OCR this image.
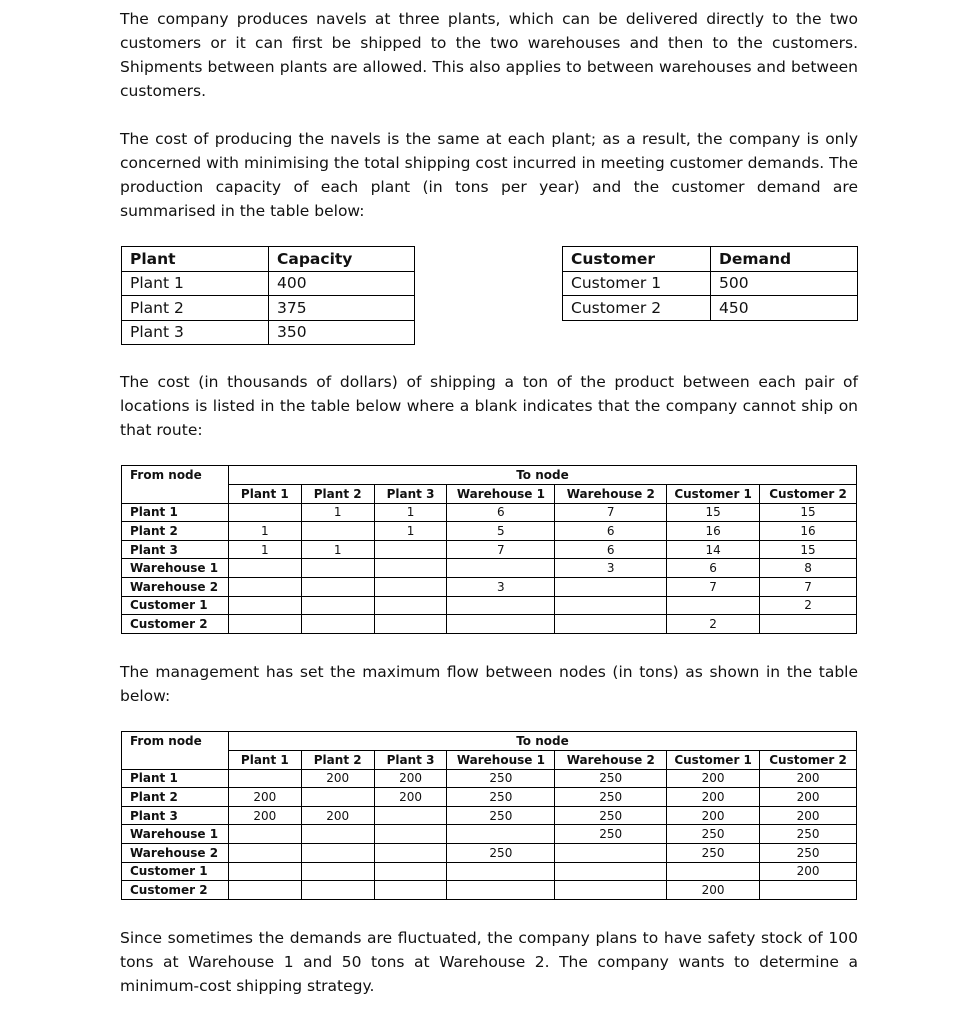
The company produces navels at three plants, which can be delivered directly to the two customers or it can first be shipped to the two warehouses and then to the customers. Shipments between plants are allowed. This also applies to between warehouses and between customers.

The cost of producing the navels is the same at each plant; as a result, the company is only concerned with minimising the total shipping cost incurred in meeting customer demands. The production capacity of each plant (in tons per year) and the customer demand are summarised in the table below:

Plant	Capacity
Plant 1	400
Plant 2	375
Plant 3	350
Customer	Demand
Customer 1	500
Customer 2	450

The cost (in thousands of dollars) of shipping a ton of the product between each pair of locations is listed in the table below where a blank indicates that the company cannot ship on that route:

From node	To node						
	Plant 1	Plant 2	Plant 3	Warehouse 1	Warehouse 2	Customer 1	Customer 2
Plant 1		1	1	6	7	15	15
Plant 2	1		1	5	6	16	16
Plant 3	1	1		7	6	14	15
Warehouse 1					3	6	8
Warehouse 2				3		7	7
Customer 1							2
Customer 2						2	

The management has set the maximum flow between nodes (in tons) as shown in the table below:

From node	To node						
	Plant 1	Plant 2	Plant 3	Warehouse 1	Warehouse 2	Customer 1	Customer 2
Plant 1		200	200	250	250	200	200
Plant 2	200		200	250	250	200	200
Plant 3	200	200		250	250	200	200
Warehouse 1					250	250	250
Warehouse 2				250		250	250
Customer 1							200
Customer 2						200	

Since sometimes the demands are fluctuated, the company plans to have safety stock of 100 tons at Warehouse 1 and 50 tons at Warehouse 2. The company wants to determine a minimum-cost shipping strategy.
